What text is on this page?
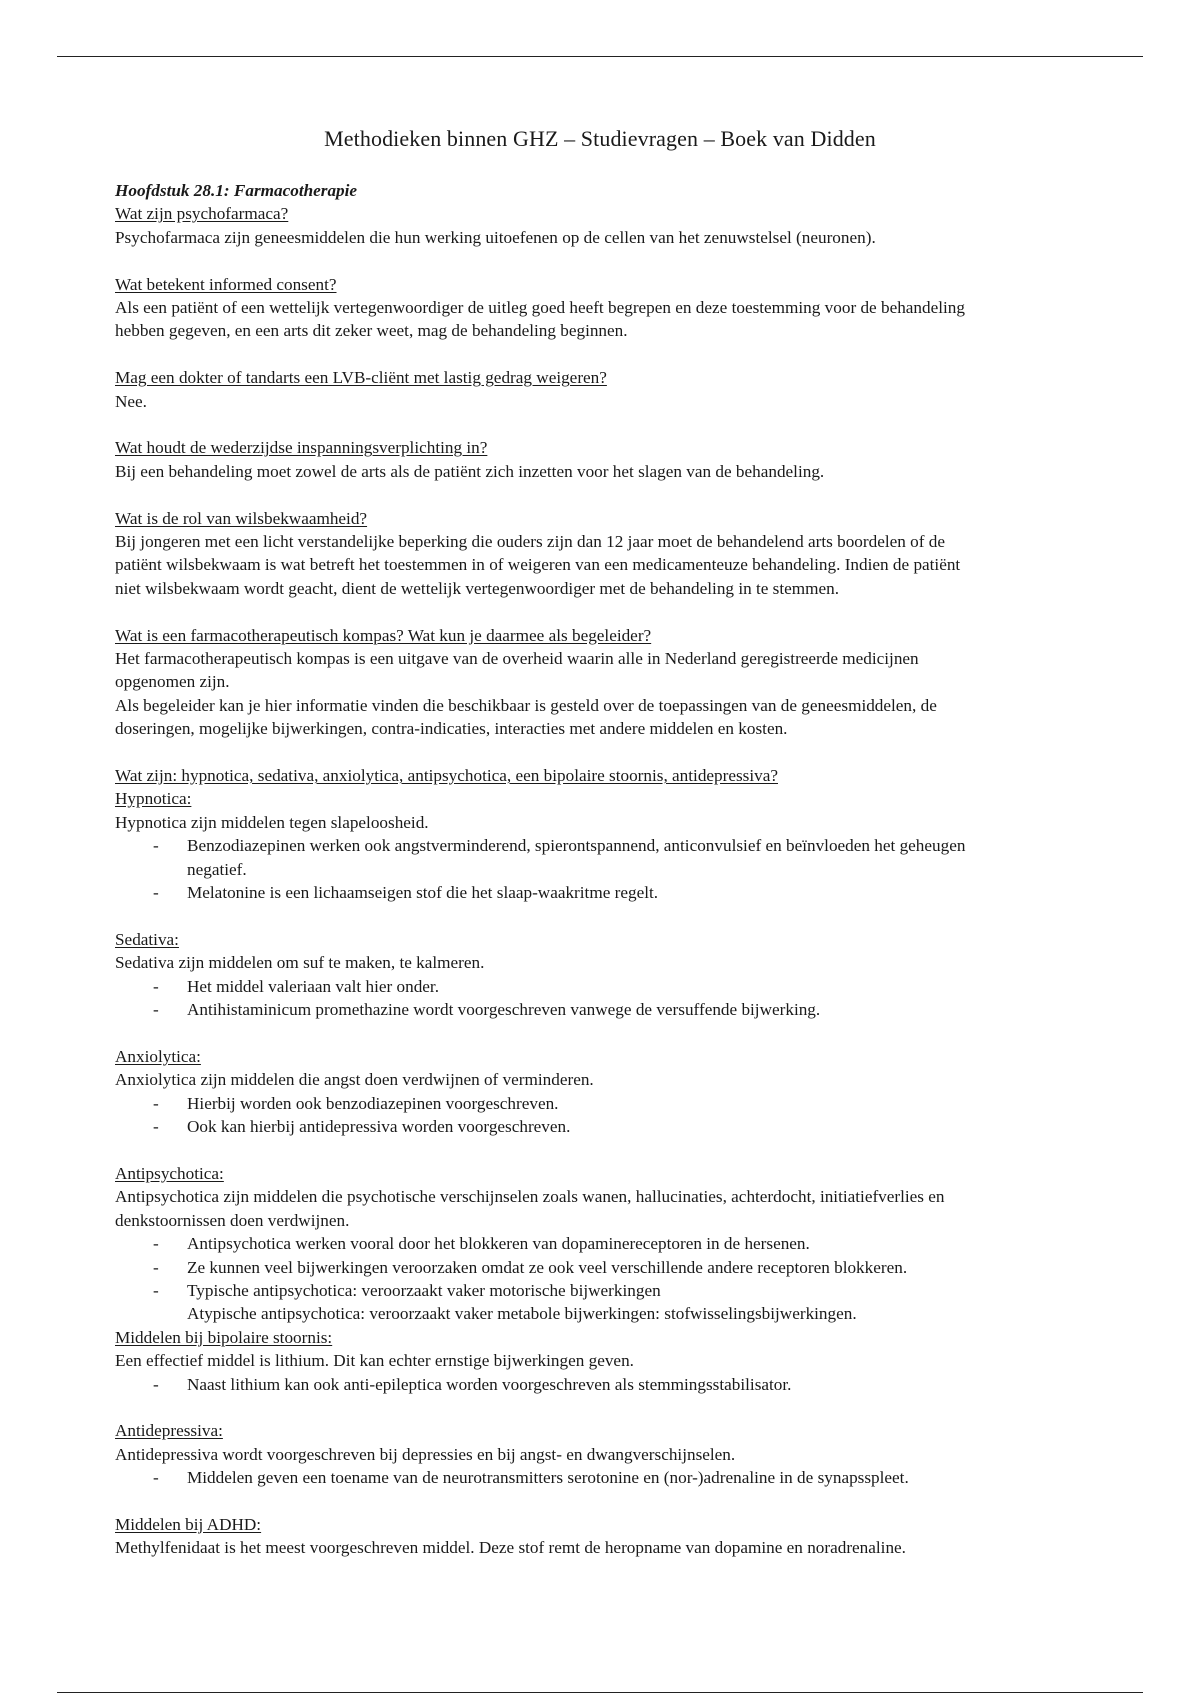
Methodieken binnen GHZ – Studievragen – Boek van Didden

Hoofdstuk 28.1: Farmacotherapie

Wat zijn psychofarmaca?

Psychofarmaca zijn geneesmiddelen die hun werking uitoefenen op de cellen van het zenuwstelsel (neuronen).

Wat betekent informed consent?

Als een patiënt of een wettelijk vertegenwoordiger de uitleg goed heeft begrepen en deze toestemming voor de behandeling

hebben gegeven, en een arts dit zeker weet, mag de behandeling beginnen.

Mag een dokter of tandarts een LVB-cliënt met lastig gedrag weigeren?

Nee.

Wat houdt de wederzijdse inspanningsverplichting in?

Bij een behandeling moet zowel de arts als de patiënt zich inzetten voor het slagen van de behandeling.

Wat is de rol van wilsbekwaamheid?

Bij jongeren met een licht verstandelijke beperking die ouders zijn dan 12 jaar moet de behandelend arts boordelen of de

patiënt wilsbekwaam is wat betreft het toestemmen in of weigeren van een medicamenteuze behandeling. Indien de patiënt

niet wilsbekwaam wordt geacht, dient de wettelijk vertegenwoordiger met de behandeling in te stemmen.

Wat is een farmacotherapeutisch kompas? Wat kun je daarmee als begeleider?

Het farmacotherapeutisch kompas is een uitgave van de overheid waarin alle in Nederland geregistreerde medicijnen

opgenomen zijn.

Als begeleider kan je hier informatie vinden die beschikbaar is gesteld over de toepassingen van de geneesmiddelen, de

doseringen, mogelijke bijwerkingen, contra-indicaties, interacties met andere middelen en kosten.

Wat zijn: hypnotica, sedativa, anxiolytica, antipsychotica, een bipolaire stoornis, antidepressiva?

Hypnotica:

Hypnotica zijn middelen tegen slapeloosheid.

- Benzodiazepinen werken ook angstverminderend, spierontspannend, anticonvulsief en beïnvloeden het geheugen

negatief.

- Melatonine is een lichaamseigen stof die het slaap-waakritme regelt.

Sedativa:

Sedativa zijn middelen om suf te maken, te kalmeren.

- Het middel valeriaan valt hier onder.
- Antihistaminicum promethazine wordt voorgeschreven vanwege de versuffende bijwerking.

Anxiolytica:

Anxiolytica zijn middelen die angst doen verdwijnen of verminderen.

- Hierbij worden ook benzodiazepinen voorgeschreven.
- Ook kan hierbij antidepressiva worden voorgeschreven.

Antipsychotica:

Antipsychotica zijn middelen die psychotische verschijnselen zoals wanen, hallucinaties, achterdocht, initiatiefverlies en

denkstoornissen doen verdwijnen.

- Antipsychotica werken vooral door het blokkeren van dopaminereceptoren in de hersenen.
- Ze kunnen veel bijwerkingen veroorzaken omdat ze ook veel verschillende andere receptoren blokkeren.
- Typische antipsychotica: veroorzaakt vaker motorische bijwerkingen

Atypische antipsychotica: veroorzaakt vaker metabole bijwerkingen: stofwisselingsbijwerkingen.

Middelen bij bipolaire stoornis:

Een effectief middel is lithium. Dit kan echter ernstige bijwerkingen geven.

- Naast lithium kan ook anti-epileptica worden voorgeschreven als stemmingsstabilisator.

Antidepressiva:

Antidepressiva wordt voorgeschreven bij depressies en bij angst- en dwangverschijnselen.

- Middelen geven een toename van de neurotransmitters serotonine en (nor-)adrenaline in de synapsspleet.

Middelen bij ADHD:

Methylfenidaat is het meest voorgeschreven middel. Deze stof remt de heropname van dopamine en noradrenaline.
